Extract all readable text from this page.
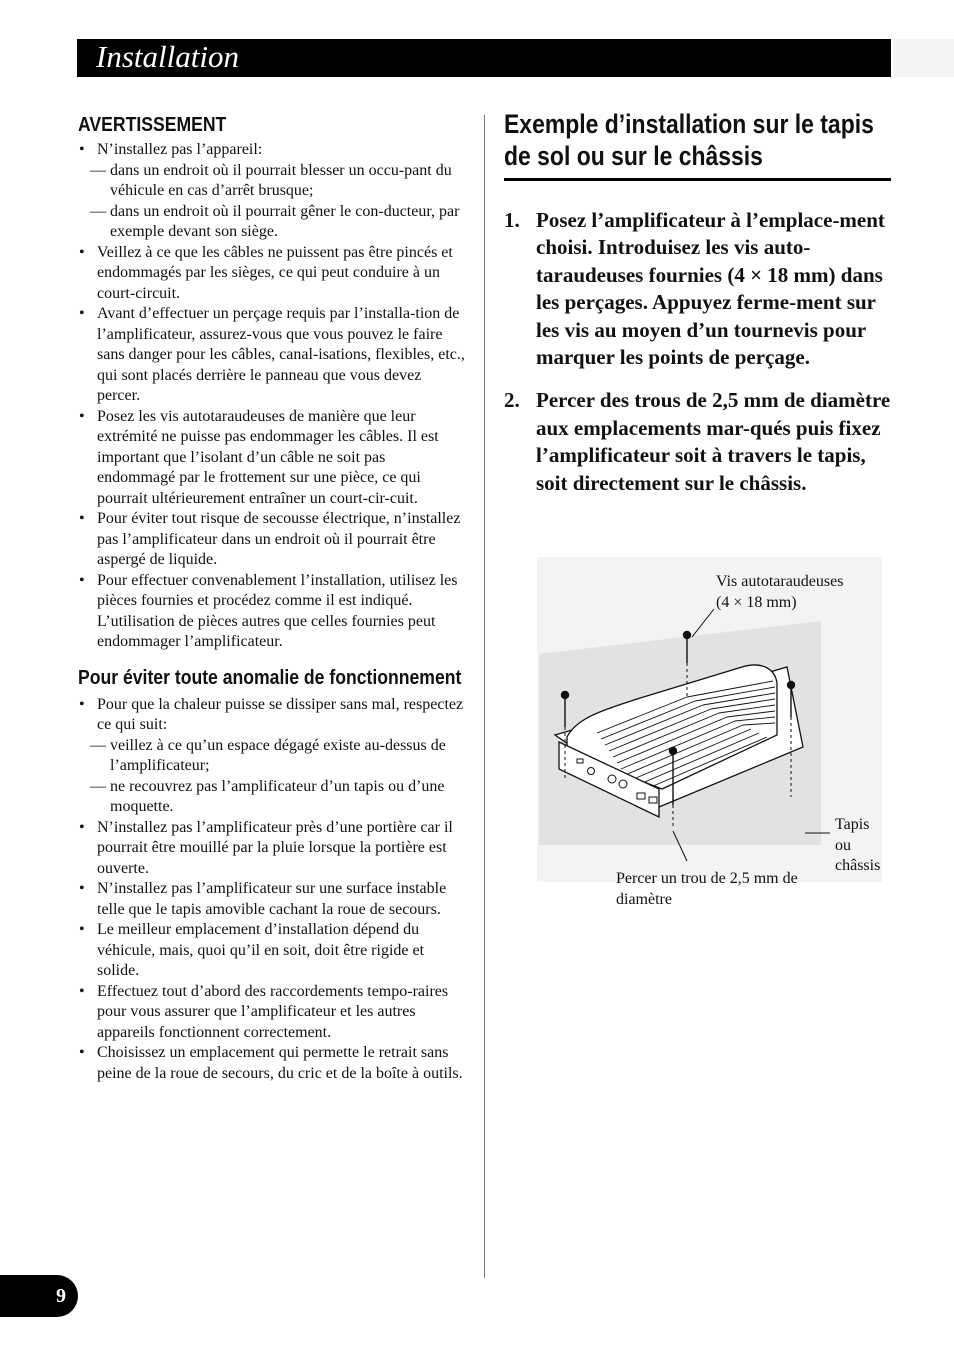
Installation
AVERTISSEMENT
• N’installez pas l’appareil:
— dans un endroit où il pourrait blesser un occu-pant du véhicule en cas d’arrêt brusque;
— dans un endroit où il pourrait gêner le con-ducteur, par exemple devant son siège.
• Veillez à ce que les câbles ne puissent pas être pincés et endommagés par les sièges, ce qui peut conduire à un court-circuit.
• Avant d’effectuer un perçage requis par l’installa-tion de l’amplificateur, assurez-vous que vous pouvez le faire sans danger pour les câbles, canal-isations, flexibles, etc., qui sont placés derrière le panneau que vous devez percer.
• Posez les vis autotaraudeuses de manière que leur extrémité ne puisse pas endommager les câbles. Il est important que l’isolant d’un câble ne soit pas endommagé par le frottement sur une pièce, ce qui pourrait ultérieurement entraîner un court-cir-cuit.
• Pour éviter tout risque de secousse électrique, n’installez pas l’amplificateur dans un endroit où il pourrait être aspergé de liquide.
• Pour effectuer convenablement l’installation, utilisez les pièces fournies et procédez comme il est indiqué. L’utilisation de pièces autres que celles fournies peut endommager l’amplificateur.
Pour éviter toute anomalie de fonctionnement
• Pour que la chaleur puisse se dissiper sans mal, respectez ce qui suit:
— veillez à ce qu’un espace dégagé existe au-dessus de l’amplificateur;
— ne recouvrez pas l’amplificateur d’un tapis ou d’une moquette.
• N’installez pas l’amplificateur près d’une portière car il pourrait être mouillé par la pluie lorsque la portière est ouverte.
• N’installez pas l’amplificateur sur une surface instable telle que le tapis amovible cachant la roue de secours.
• Le meilleur emplacement d’installation dépend du véhicule, mais, quoi qu’il en soit, doit être rigide et solide.
• Effectuez tout d’abord des raccordements tempo-raires pour vous assurer que l’amplificateur et les autres appareils fonctionnent correctement.
• Choisissez un emplacement qui permette le retrait sans peine de la roue de secours, du cric et de la boîte à outils.
Exemple d’installation sur le tapis de sol ou sur le châssis
1. Posez l’amplificateur à l’emplace-ment choisi. Introduisez les vis auto-taraudeuses fournies (4 × 18 mm) dans les perçages. Appuyez ferme-ment sur les vis au moyen d’un tournevis pour marquer les points de perçage.
2. Percer des trous de 2,5 mm de diamètre aux emplacements mar-qués puis fixez l’amplificateur soit à travers le tapis, soit directement sur le châssis.
Vis autotaraudeuses
(4 × 18 mm)
Tapis ou
châssis
Percer un trou de 2,5 mm de
diamètre
9
